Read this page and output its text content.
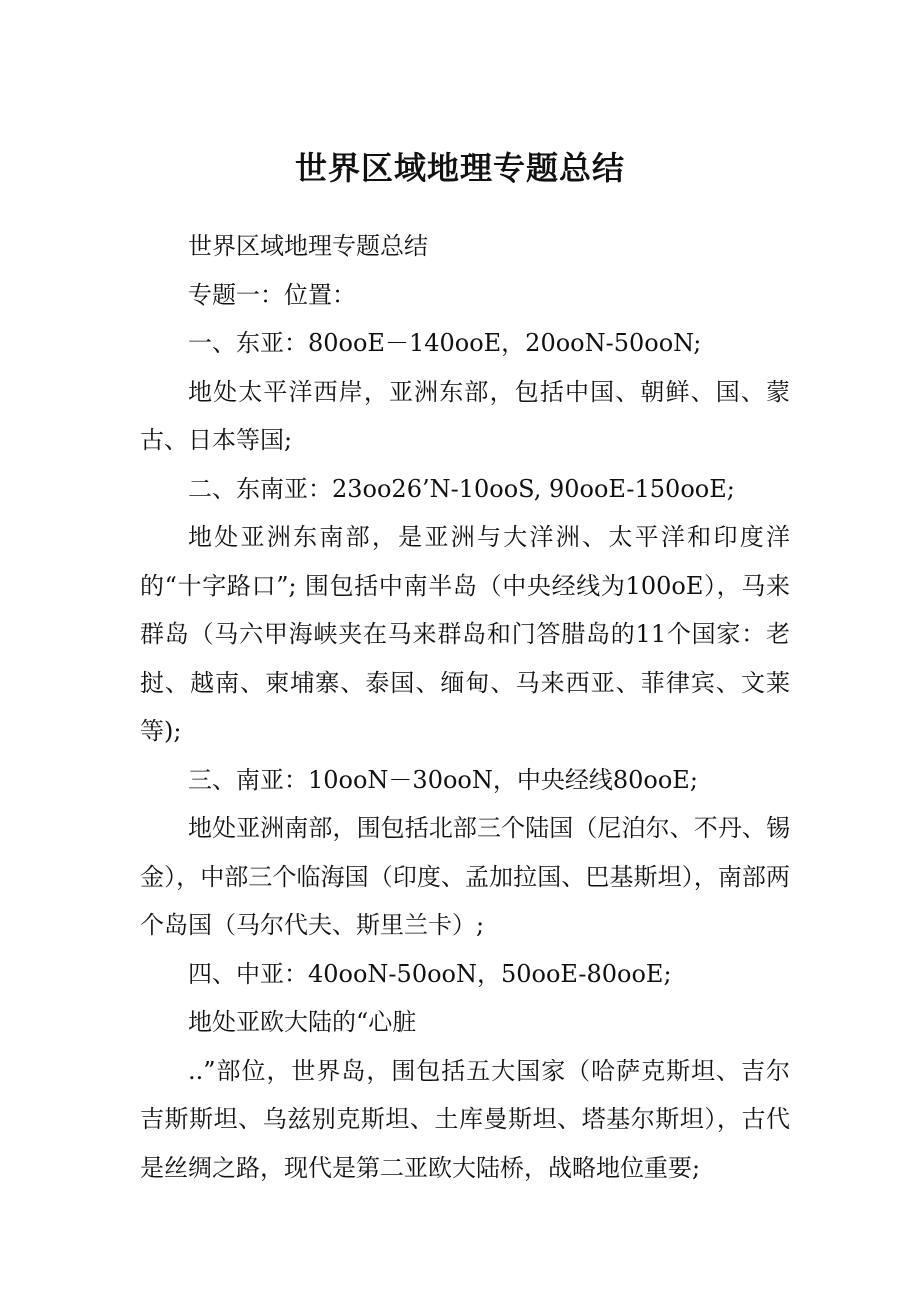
世界区域地理专题总结

世界区域地理专题总结

专题一：位置：

一、东亚：80ooE－140ooE，20ooN-50ooN;

地处太平洋西岸，亚洲东部，包括中国、朝鲜、国、蒙古、日本等国;

二、东南亚：23oo26’N-10ooS, 90ooE-150ooE;

地处亚洲东南部，是亚洲与大洋洲、太平洋和印度洋的“十字路口”; 围包括中南半岛（中央经线为100oE），马来群岛（马六甲海峡夹在马来群岛和门答腊岛的11个国家：老挝、越南、柬埔寨、泰国、缅甸、马来西亚、菲律宾、文莱等);

三、南亚：10ooN－30ooN，中央经线80ooE;

地处亚洲南部，围包括北部三个陆国（尼泊尔、不丹、锡金），中部三个临海国（印度、孟加拉国、巴基斯坦），南部两个岛国（马尔代夫、斯里兰卡）;

四、中亚：40ooN-50ooN，50ooE-80ooE;

地处亚欧大陆的“心脏

..”部位，世界岛，围包括五大国家（哈萨克斯坦、吉尔吉斯斯坦、乌兹别克斯坦、土库曼斯坦、塔基尔斯坦），古代是丝绸之路，现代是第二亚欧大陆桥，战略地位重要;
